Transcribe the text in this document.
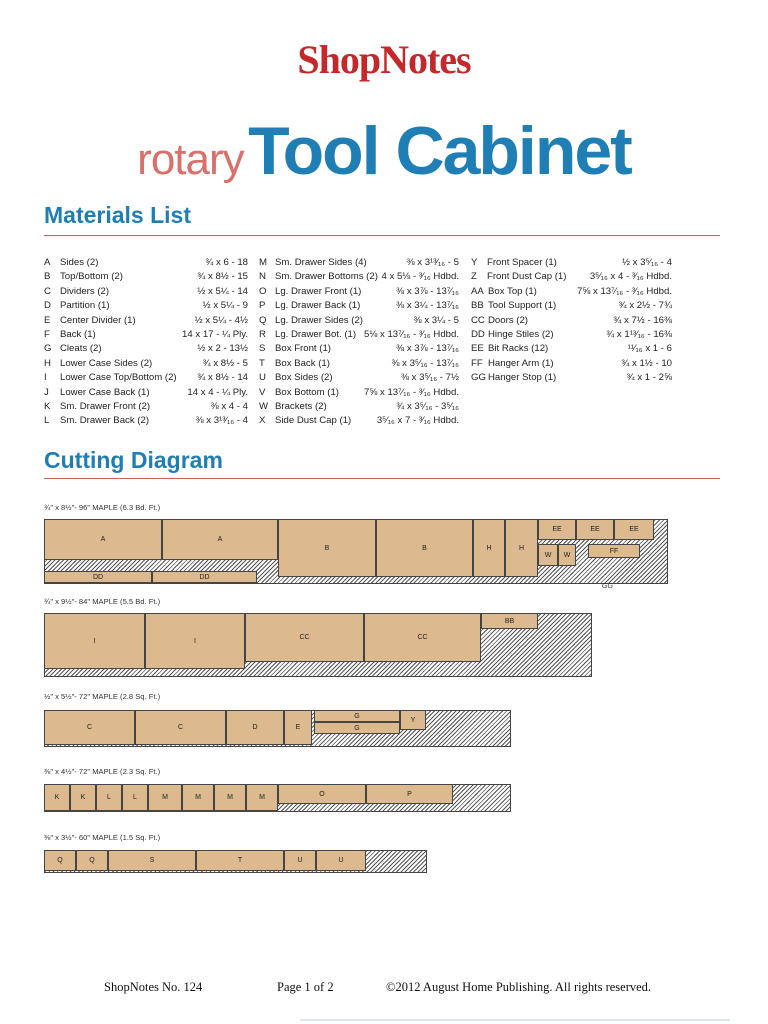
ShopNotes
rotary Tool Cabinet
Materials List
A Sides (2)	¾ x 6 - 18
B Top/Bottom (2)	¾ x 8½ - 15
C Dividers (2)	½ x 5¼ - 14
D Partition (1)	½ x 5¼ - 9
E Center Divider (1)	½ x 5¼ - 4½
F	Back (1)	14 x 17 - ¼ Ply.
G Cleats (2)	½ x 2 - 13½
H Lower Case Sides (2)	¾ x 8½ - 5
I	Lower Case Top/Bottom (2)	¾ x 8½ - 14
J	Lower Case Back (1)	14 x 4 - ¼ Ply.
K Sm. Drawer Front (2)	⅜ x 4 - 4
L	Sm. Drawer Back (2)	⅜ x 3¹³⁄₁₆ - 4
M Sm. Drawer Sides (4)	⅜ x 3¹³⁄₁₆ - 5
N Sm. Drawer Bottoms (2) 4 x 5⅛ - ³⁄₁₆ Hdbd.
O Lg. Drawer Front (1)	⅜ x 3⅞ - 13⁷⁄₁₆
P Lg. Drawer Back (1)	⅜ x 3¼ - 13⁷⁄₁₆
Q Lg. Drawer Sides (2)	⅜ x 3¼ - 5
R Lg. Drawer Bot. (1) 5⅛ x 13⁷⁄₁₆ - ³⁄₁₆ Hdbd.
S Box Front (1)	⅜ x 3⅞ - 13⁷⁄₁₆
T	Box Back (1)	⅜ x 3⁵⁄₁₆ - 13⁷⁄₁₆
U Box Sides (2)	⅜ x 3⁵⁄₁₆ - 7½
V Box Bottom (1)	7⅝ x 13⁷⁄₁₆ - ³⁄₁₆ Hdbd.
W Brackets (2)	¾ x 3⁵⁄₁₆ - 3⁵⁄₁₆
X Side Dust Cap (1)	3⁵⁄₁₆ x 7 - ³⁄₁₆ Hdbd.
Y Front Spacer (1)	½ x 3⁵⁄₁₆ - 4
Z	Front Dust Cap (1)	3⁵⁄₁₆ x 4 - ³⁄₁₆ Hdbd.
AA Box Top (1)	7⅝ x 13⁷⁄₁₆ - ³⁄₁₆ Hdbd.
BB Tool Support (1)	¾ x 2½ - 7¾
CC Doors (2)	¾ x 7½ - 16⅜
DD Hinge Stiles (2)	¾ x 1¹³⁄₁₆ - 16⅜
EE Bit Racks (12)	¹¹⁄₁₆ x 1 - 6
FF Hanger Arm (1)	¾ x 1½ - 10
GG Hanger Stop (1)	¾ x 1 - 2⅝
Cutting Diagram
¾" x 8½"- 96" MAPLE (6.3 Bd. Ft.)
A	A
B	B	H	H
EE	EE	EE
W	W
FF
DD	DD
¾" x 9½"- 84" MAPLE (5.5 Bd. Ft.)
I	I	CC	CC
BB
½" x 5½"- 72" MAPLE (2.8 Sq. Ft.)
C	C	D	E
G
G
Y
⅜" x 4½"- 72" MAPLE (2.3 Sq. Ft.)
K	K	L	L	M	M	M	M	O	P
⅜" x 3½"- 60" MAPLE (1.5 Sq. Ft.)
Q	Q	S	T	U	U
GG
ShopNotes No. 124	Page 1 of 2	©2012 August Home Publishing. All rights reserved.
